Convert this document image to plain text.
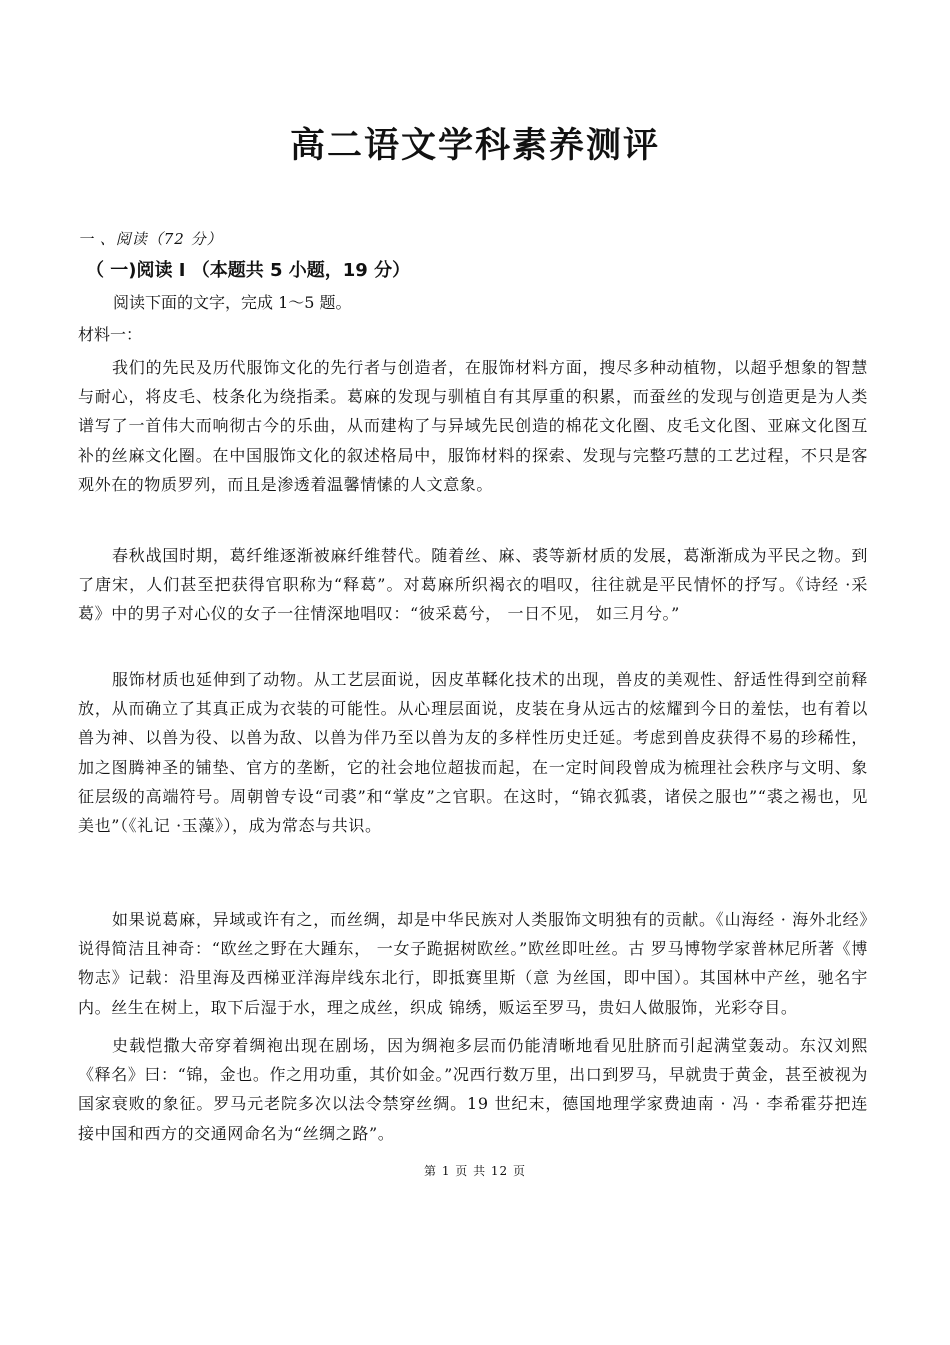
高二语文学科素养测评
一 、阅读（72 分）
（ 一)阅读 I （本题共 5 小题，19 分）
阅读下面的文字，完成 1～5 题。
材料一：

我们的先民及历代服饰文化的先行者与创造者，在服饰材料方面，搜尽多种动植物，以超乎想象的智慧与耐心，将皮毛、枝条化为绕指柔。葛麻的发现与驯植自有其厚重的积累，而蚕丝的发现与创造更是为人类谱写了一首伟大而响彻古今的乐曲，从而建构了与异域先民创造的棉花文化圈、皮毛文化图、亚麻文化图互补的丝麻文化圈。在中国服饰文化的叙述格局中，服饰材料的探索、发现与完整巧慧的工艺过程，不只是客观外在的物质罗列，而且是渗透着温馨情愫的人文意象。

春秋战国时期，葛纤维逐渐被麻纤维替代。随着丝、麻、裘等新材质的发展，葛渐渐成为平民之物。到了唐宋，人们甚至把获得官职称为“释葛”。对葛麻所织褐衣的唱叹，往往就是平民情怀的抒写。《诗经 ·采葛》中的男子对心仪的女子一往情深地唱叹：“彼采葛兮， 一日不见， 如三月兮。”

服饰材质也延伸到了动物。从工艺层面说，因皮革鞣化技术的出现，兽皮的美观性、舒适性得到空前释放，从而确立了其真正成为衣装的可能性。从心理层面说，皮装在身从远古的炫耀到今日的羞怯，也有着以兽为神、以兽为役、以兽为敌、以兽为伴乃至以兽为友的多样性历史迁延。考虑到兽皮获得不易的珍稀性，加之图腾神圣的铺垫、官方的垄断，它的社会地位超拔而起，在一定时间段曾成为梳理社会秩序与文明、象征层级的高端符号。周朝曾专设“司裘”和“掌皮”之官职。在这时，“锦衣狐裘，诸侯之服也”“裘之裼也，见美也”（《礼记 ·玉藻》），成为常态与共识。

如果说葛麻，异域或许有之，而丝绸，却是中华民族对人类服饰文明独有的贡献。《山海经 · 海外北经》说得简洁且神奇：“欧丝之野在大踵东， 一女子跪据树欧丝。”欧丝即吐丝。古 罗马博物学家普林尼所著《博物志》记载：沿里海及西梯亚洋海岸线东北行，即抵赛里斯（意 为丝国，即中国）。其国林中产丝，驰名宇内。丝生在树上，取下后湿于水，理之成丝，织成 锦绣，贩运至罗马，贵妇人做服饰，光彩夺目。

史载恺撒大帝穿着绸袍出现在剧场，因为绸袍多层而仍能清晰地看见肚脐而引起满堂轰动。东汉刘熙《释名》曰：“锦，金也。作之用功重，其价如金。”况西行数万里，出口到罗马，早就贵于黄金，甚至被视为国家衰败的象征。罗马元老院多次以法令禁穿丝绸。19 世纪末，德国地理学家费迪南 · 冯 · 李希霍芬把连接中国和西方的交通网命名为“丝绸之路”。

第 1 页 共 12 页
